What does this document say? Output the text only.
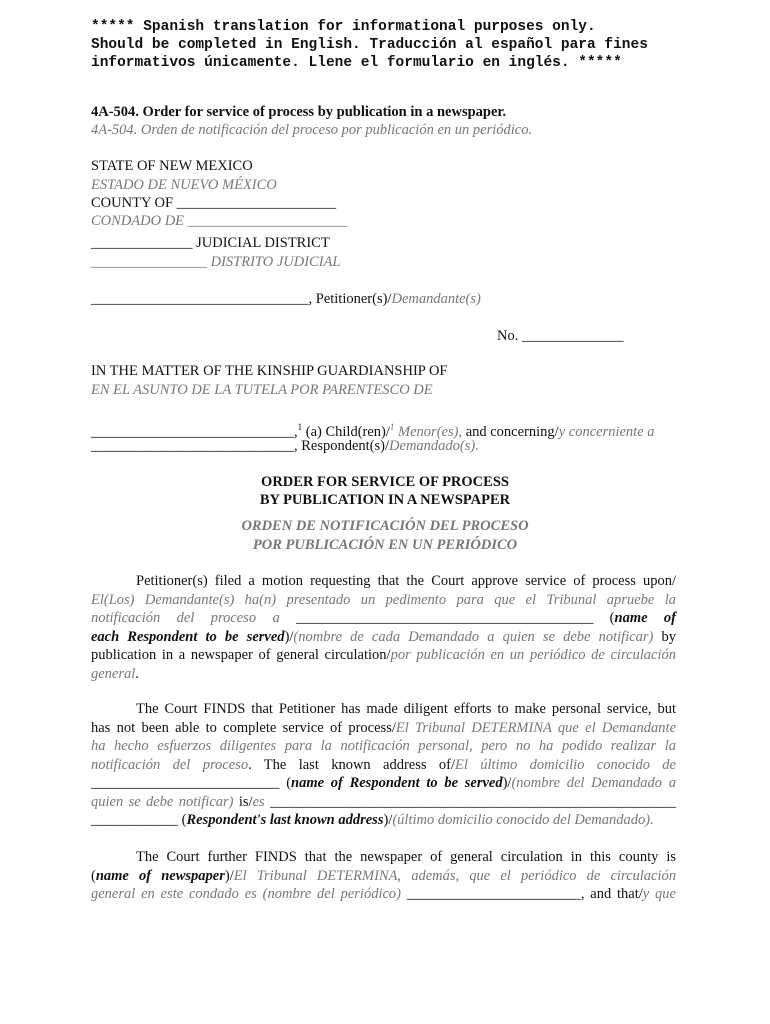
***** Spanish translation for informational purposes only.
Should be completed in English. Traducción al español para fines
informativos únicamente. Llene el formulario en inglés. *****
4A-504. Order for service of process by publication in a newspaper.
4A-504. Orden de notificación del proceso por publicación en un periódico.
STATE OF NEW MEXICO
ESTADO DE NUEVO MÉXICO
COUNTY OF ______________________
CONDADO DE ______________________
______________ JUDICIAL DISTRICT
________________ DISTRITO JUDICIAL
______________________________, Petitioner(s)/Demandante(s)
No. ______________
IN THE MATTER OF THE KINSHIP GUARDIANSHIP OF
EN EL ASUNTO DE LA TUTELA POR PARENTESCO DE
____________________________,$^1$ (a) Child(ren)/$^1$ Menor(es), and concerning/y concerniente a
____________________________, Respondent(s)/Demandado(s).
ORDER FOR SERVICE OF PROCESS
BY PUBLICATION IN A NEWSPAPER
ORDEN DE NOTIFICACIÓN DEL PROCESO
POR PUBLICACIÓN EN UN PERIÓDICO
Petitioner(s) filed a motion requesting that the Court approve service of process upon/
El(Los) Demandante(s) ha(n) presentado un pedimento para que el Tribunal apruebe la
notificación del proceso a _________________________________________ (name of
each Respondent to be served)/(nombre de cada Demandado a quien se debe notificar) by
publication in a newspaper of general circulation/por publicación en un periódico de circulación
general.
The Court FINDS that Petitioner has made diligent efforts to make personal service, but
has not been able to complete service of process/El Tribunal DETERMINA que el Demandante
ha hecho esfuerzos diligentes para la notificación personal, pero no ha podido realizar la
notificación del proceso. The last known address of/El último domicilio conocido de
__________________________ (name of Respondent to be served)/(nombre del Demandado a
quien se debe notificar) is/es ________________________________________________________
____________ (Respondent's last known address)/(último domicilio conocido del Demandado).
The Court further FINDS that the newspaper of general circulation in this county is
(name of newspaper)/El Tribunal DETERMINA, además, que el periódico de circulación
general en este condado es (nombre del periódico) ________________________, and that/y que
